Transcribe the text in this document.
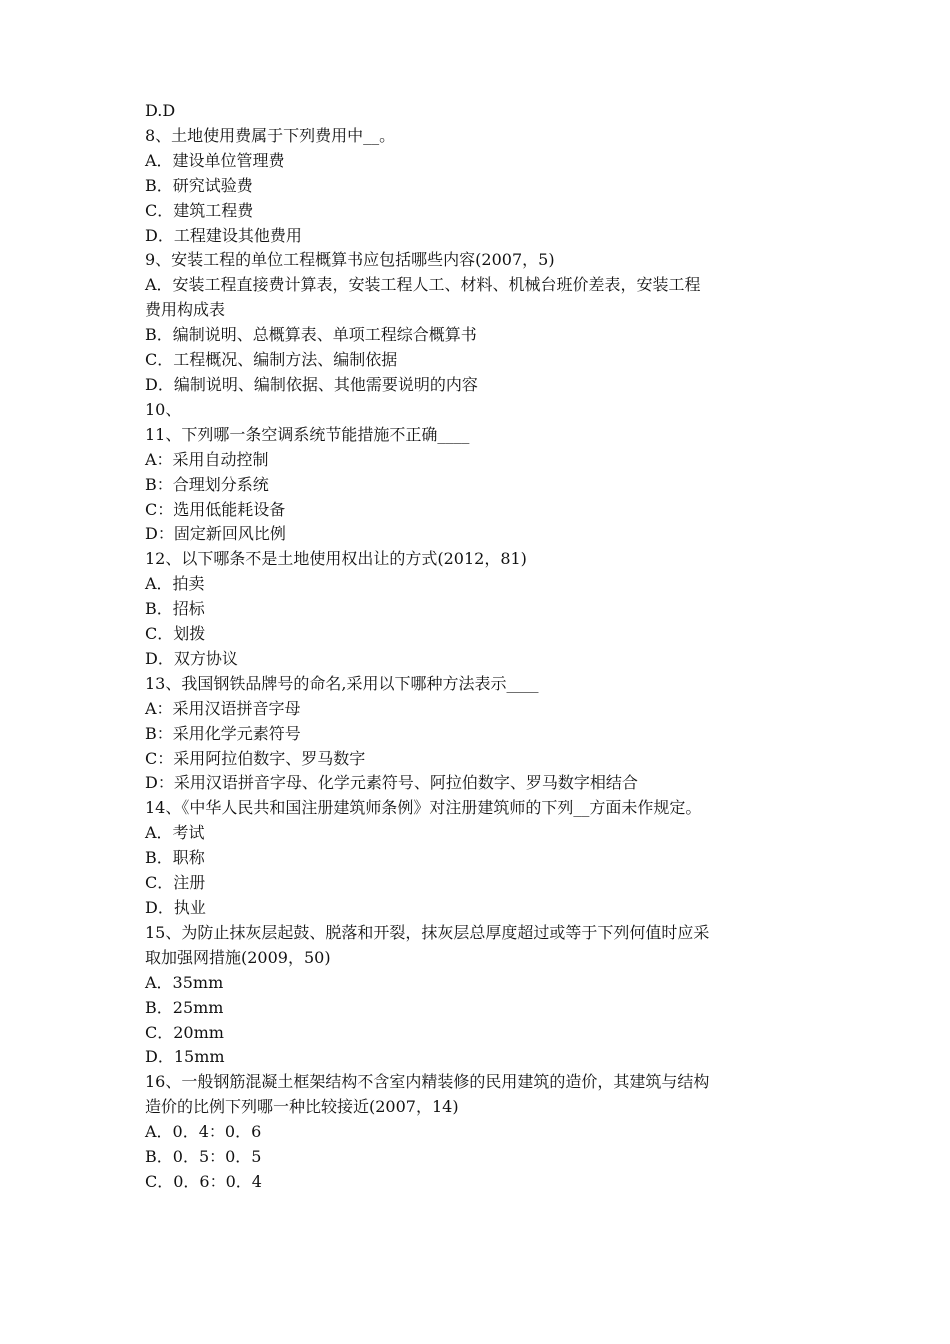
D.D
8、土地使用费属于下列费用中__。
A．建设单位管理费
B．研究试验费
C．建筑工程费
D．工程建设其他费用
9、安装工程的单位工程概算书应包括哪些内容(2007，5)
A．安装工程直接费计算表，安装工程人工、材料、机械台班价差表，安装工程
费用构成表
B．编制说明、总概算表、单项工程综合概算书
C．工程概况、编制方法、编制依据
D．编制说明、编制依据、其他需要说明的内容
10、
11、下列哪一条空调系统节能措施不正确____
A：采用自动控制
B：合理划分系统
C：选用低能耗设备
D：固定新回风比例
12、以下哪条不是土地使用权出让的方式(2012，81)
A．拍卖
B．招标
C．划拨
D．双方协议
13、我国钢铁品牌号的命名,采用以下哪种方法表示____
A：采用汉语拼音字母
B：采用化学元素符号
C：采用阿拉伯数字、罗马数字
D：采用汉语拼音字母、化学元素符号、阿拉伯数字、罗马数字相结合
14、《中华人民共和国注册建筑师条例》对注册建筑师的下列__方面未作规定。
A．考试
B．职称
C．注册
D．执业
15、为防止抹灰层起鼓、脱落和开裂，抹灰层总厚度超过或等于下列何值时应采
取加强网措施(2009，50)
A．35mm
B．25mm
C．20mm
D．15mm
16、一般钢筋混凝土框架结构不含室内精装修的民用建筑的造价，其建筑与结构
造价的比例下列哪一种比较接近(2007，14)
A．0．4：0．6
B．0．5：0．5
C．0．6：0．4
